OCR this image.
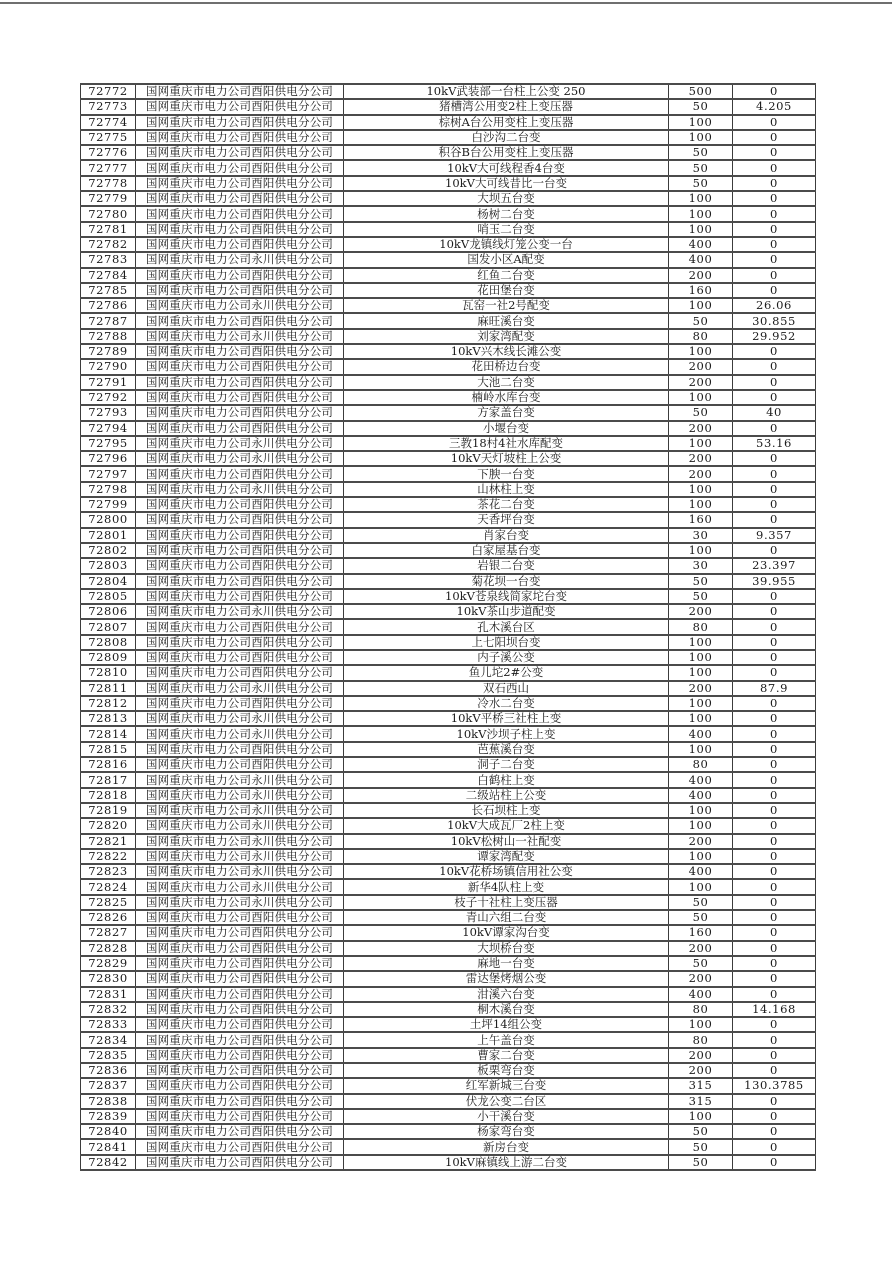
72772	国网重庆市电力公司酉阳供电分公司	10kV武装部一台柱上公变 250	500	0
72773	国网重庆市电力公司酉阳供电分公司	猪槽湾公用变2柱上变压器	50	4.205
72774	国网重庆市电力公司酉阳供电分公司	棕树A台公用变柱上变压器	100	0
72775	国网重庆市电力公司酉阳供电分公司	白沙沟二台变	100	0
72776	国网重庆市电力公司酉阳供电分公司	积谷B台公用变柱上变压器	50	0
72777	国网重庆市电力公司酉阳供电分公司	10kV大可线程香4台变	50	0
72778	国网重庆市电力公司酉阳供电分公司	10kV大可线昔比一台变	50	0
72779	国网重庆市电力公司酉阳供电分公司	大坝五台变	100	0
72780	国网重庆市电力公司酉阳供电分公司	杨树二台变	100	0
72781	国网重庆市电力公司酉阳供电分公司	哨玉二台变	100	0
72782	国网重庆市电力公司酉阳供电分公司	10kV龙镇线灯笼公变一台	400	0
72783	国网重庆市电力公司永川供电分公司	国发小区A配变	400	0
72784	国网重庆市电力公司酉阳供电分公司	红鱼二台变	200	0
72785	国网重庆市电力公司酉阳供电分公司	花田堡台变	160	0
72786	国网重庆市电力公司永川供电分公司	瓦窑一社2号配变	100	26.06
72787	国网重庆市电力公司酉阳供电分公司	麻旺溪台变	50	30.855
72788	国网重庆市电力公司永川供电分公司	刘家湾配变	80	29.952
72789	国网重庆市电力公司酉阳供电分公司	10kV兴木线长滩公变	100	0
72790	国网重庆市电力公司酉阳供电分公司	花田桥边台变	200	0
72791	国网重庆市电力公司酉阳供电分公司	大池二台变	200	0
72792	国网重庆市电力公司酉阳供电分公司	楠岭水库台变	100	0
72793	国网重庆市电力公司酉阳供电分公司	方家盖台变	50	40
72794	国网重庆市电力公司酉阳供电分公司	小堰台变	200	0
72795	国网重庆市电力公司永川供电分公司	三教18村4社水库配变	100	53.16
72796	国网重庆市电力公司永川供电分公司	10kV天灯坡柱上公变	200	0
72797	国网重庆市电力公司酉阳供电分公司	下腴一台变	200	0
72798	国网重庆市电力公司永川供电分公司	山林柱上变	100	0
72799	国网重庆市电力公司酉阳供电分公司	茶花二台变	100	0
72800	国网重庆市电力公司酉阳供电分公司	天香坪台变	160	0
72801	国网重庆市电力公司酉阳供电分公司	肖家台变	30	9.357
72802	国网重庆市电力公司酉阳供电分公司	白家屋基台变	100	0
72803	国网重庆市电力公司酉阳供电分公司	岩银二台变	30	23.397
72804	国网重庆市电力公司酉阳供电分公司	菊花坝一台变	50	39.955
72805	国网重庆市电力公司酉阳供电分公司	10kV苍泉线简家坨台变	50	0
72806	国网重庆市电力公司永川供电分公司	10kV茶山步道配变	200	0
72807	国网重庆市电力公司酉阳供电分公司	孔木溪台区	80	0
72808	国网重庆市电力公司酉阳供电分公司	上七阳坝台变	100	0
72809	国网重庆市电力公司酉阳供电分公司	内子溪公变	100	0
72810	国网重庆市电力公司酉阳供电分公司	鱼儿坨2#公变	100	0
72811	国网重庆市电力公司永川供电分公司	双石西山	200	87.9
72812	国网重庆市电力公司酉阳供电分公司	冷水二台变	100	0
72813	国网重庆市电力公司永川供电分公司	10kV平桥三社柱上变	100	0
72814	国网重庆市电力公司永川供电分公司	10kV沙坝子柱上变	400	0
72815	国网重庆市电力公司酉阳供电分公司	芭蕉溪台变	100	0
72816	国网重庆市电力公司酉阳供电分公司	洞子二台变	80	0
72817	国网重庆市电力公司永川供电分公司	白鹤柱上变	400	0
72818	国网重庆市电力公司永川供电分公司	二级站柱上公变	400	0
72819	国网重庆市电力公司永川供电分公司	长石坝柱上变	100	0
72820	国网重庆市电力公司永川供电分公司	10kV大成瓦厂2柱上变	100	0
72821	国网重庆市电力公司永川供电分公司	10kV松树山一社配变	200	0
72822	国网重庆市电力公司永川供电分公司	谭家湾配变	100	0
72823	国网重庆市电力公司永川供电分公司	10kV花桥场镇信用社公变	400	0
72824	国网重庆市电力公司永川供电分公司	新华4队柱上变	100	0
72825	国网重庆市电力公司永川供电分公司	枝子十社柱上变压器	50	0
72826	国网重庆市电力公司酉阳供电分公司	青山六组二台变	50	0
72827	国网重庆市电力公司酉阳供电分公司	10kV谭家沟台变	160	0
72828	国网重庆市电力公司酉阳供电分公司	大坝桥台变	200	0
72829	国网重庆市电力公司酉阳供电分公司	麻地一台变	50	0
72830	国网重庆市电力公司酉阳供电分公司	雷达堡烤烟公变	200	0
72831	国网重庆市电力公司酉阳供电分公司	泔溪六台变	400	0
72832	国网重庆市电力公司酉阳供电分公司	桐木溪台变	80	14.168
72833	国网重庆市电力公司酉阳供电分公司	土坪14组公变	100	0
72834	国网重庆市电力公司酉阳供电分公司	上午盖台变	80	0
72835	国网重庆市电力公司酉阳供电分公司	曹家二台变	200	0
72836	国网重庆市电力公司酉阳供电分公司	板栗弯台变	200	0
72837	国网重庆市电力公司酉阳供电分公司	红军新城三台变	315	130.3785
72838	国网重庆市电力公司酉阳供电分公司	伏龙公变二台区	315	0
72839	国网重庆市电力公司酉阳供电分公司	小干溪台变	100	0
72840	国网重庆市电力公司酉阳供电分公司	杨家弯台变	50	0
72841	国网重庆市电力公司酉阳供电分公司	新房台变	50	0
72842	国网重庆市电力公司酉阳供电分公司	10kV麻镇线上游二台变	50	0
